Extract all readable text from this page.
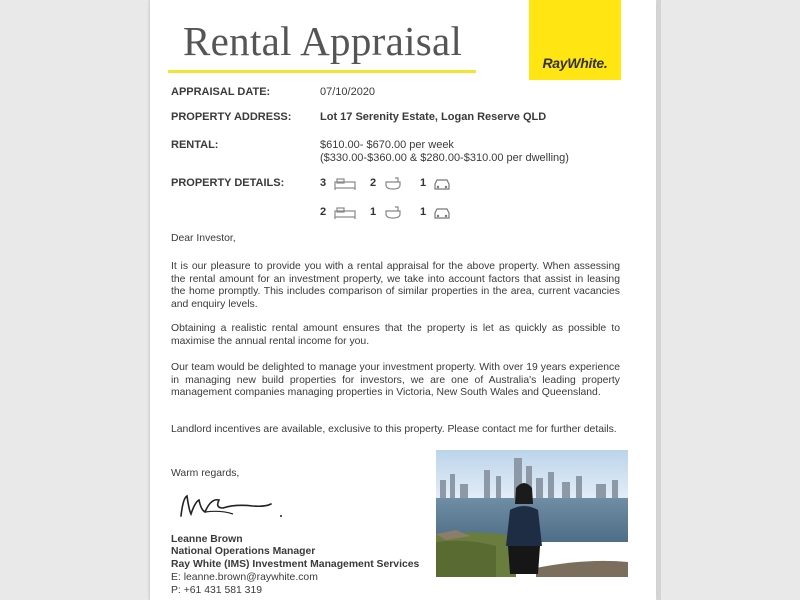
Rental Appraisal	RayWhite.
APPRAISAL DATE:	07/10/2020
PROPERTY ADDRESS:	Lot 17 Serenity Estate, Logan Reserve QLD
RENTAL:	$610.00- $670.00 per week
($330.00-$360.00 & $280.00-$310.00 per dwelling)
PROPERTY DETAILS:	3	2	1
2	1	1
Dear Investor,
It is our pleasure to provide you with a rental appraisal for the above property. When assessing the rental amount for an investment property, we take into account factors that assist in leasing the home promptly. This includes comparison of similar properties in the area, current vacancies and enquiry levels.
Obtaining a realistic rental amount ensures that the property is let as quickly as possible to maximise the annual rental income for you.
Our team would be delighted to manage your investment property. With over 19 years experience in managing new build properties for investors, we are one of Australia's leading property management companies managing properties in Victoria, New South Wales and Queensland.
Landlord incentives are available, exclusive to this property. Please contact me for further details.
Warm regards,
Leanne Brown
National Operations Manager
Ray White (IMS) Investment Management Services
E: leanne.brown@raywhite.com
P: +61 431 581 319
